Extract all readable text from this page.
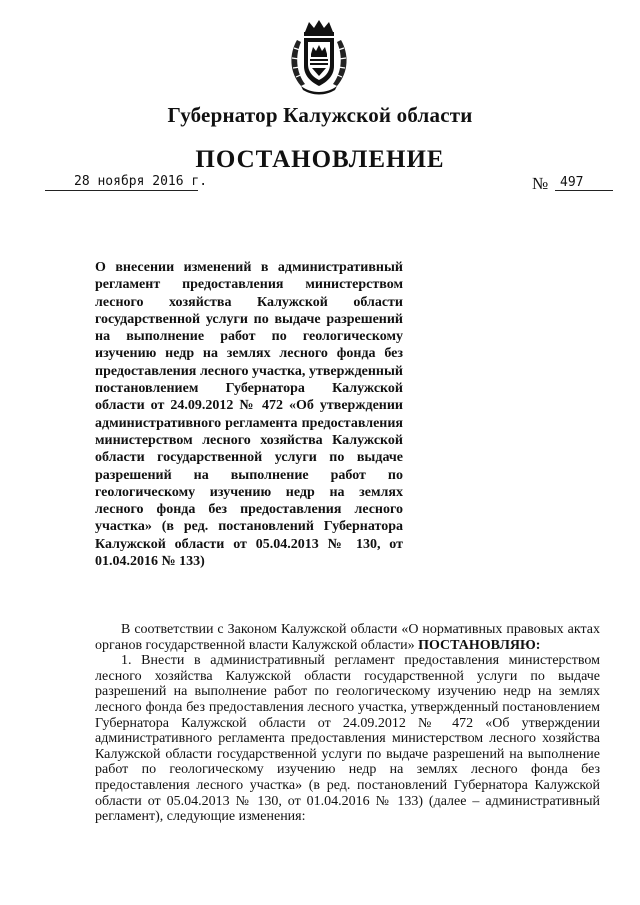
Губернатор Калужской области
ПОСТАНОВЛЕНИЕ
28 ноября 2016 г.	№ 497
О внесении изменений в административный регламент предоставления министерством лесного хозяйства Калужской области государственной услуги по выдаче разрешений на выполнение работ по геологическому изучению недр на землях лесного фонда без предоставления лесного участка, утвержденный постановлением Губернатора Калужской области от 24.09.2012 № 472 «Об утверждении административного регламента предоставления министерством лесного хозяйства Калужской области государственной услуги по выдаче разрешений на выполнение работ по геологическому изучению недр на землях лесного фонда без предоставления лесного участка» (в ред. постановлений Губернатора Калужской области от 05.04.2013 № 130, от 01.04.2016 № 133)

В соответствии с Законом Калужской области «О нормативных правовых актах органов государственной власти Калужской области» ПОСТАНОВЛЯЮ:

1. Внести в административный регламент предоставления министерством лесного хозяйства Калужской области государственной услуги по выдаче разрешений на выполнение работ по геологическому изучению недр на землях лесного фонда без предоставления лесного участка, утвержденный постановлением Губернатора Калужской области от 24.09.2012 № 472 «Об утверждении административного регламента предоставления министерством лесного хозяйства Калужской области государственной услуги по выдаче разрешений на выполнение работ по геологическому изучению недр на землях лесного фонда без предоставления лесного участка» (в ред. постановлений Губернатора Калужской области от 05.04.2013 № 130, от 01.04.2016 № 133) (далее – административный регламент), следующие изменения:
